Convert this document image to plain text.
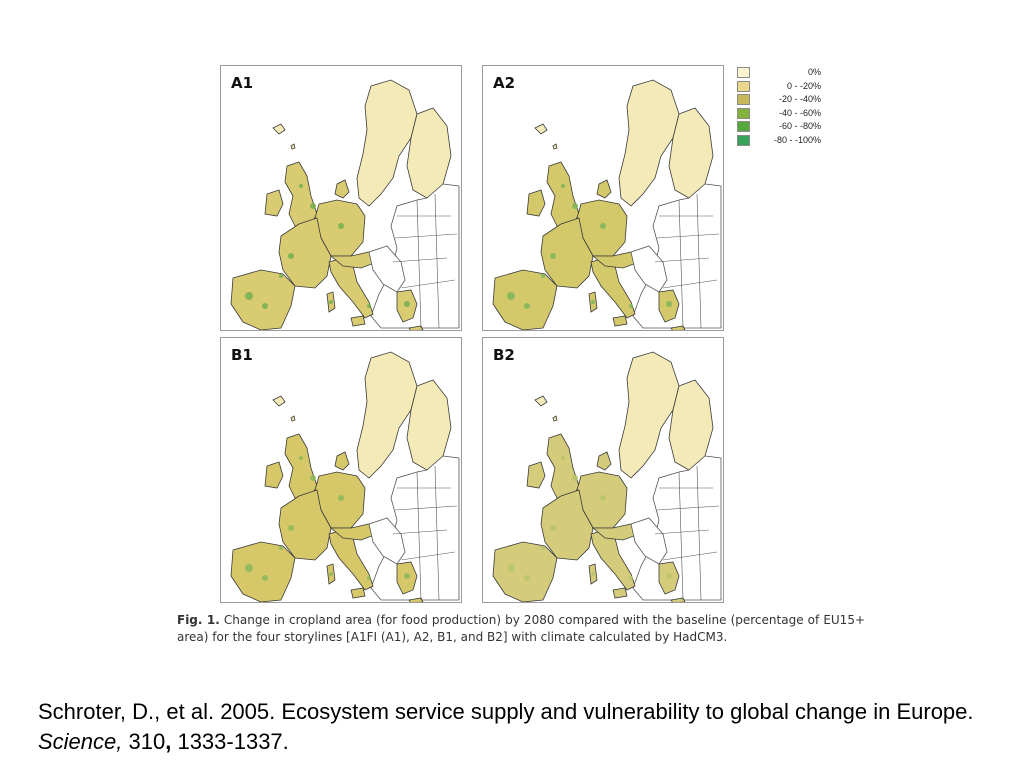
A1	A2
B1	B2
0%
0 - -20%
-20 - -40%
-40 - -60%
-60 - -80%
-80 - -100%
Fig. 1. Change in cropland area (for food production) by 2080 compared with the baseline (percentage of EU15+ area) for the four storylines [A1FI (A1), A2, B1, and B2] with climate calculated by HadCM3.
Schroter, D., et al. 2005. Ecosystem service supply and vulnerability to global change in Europe. Science, 310, 1333-1337.
